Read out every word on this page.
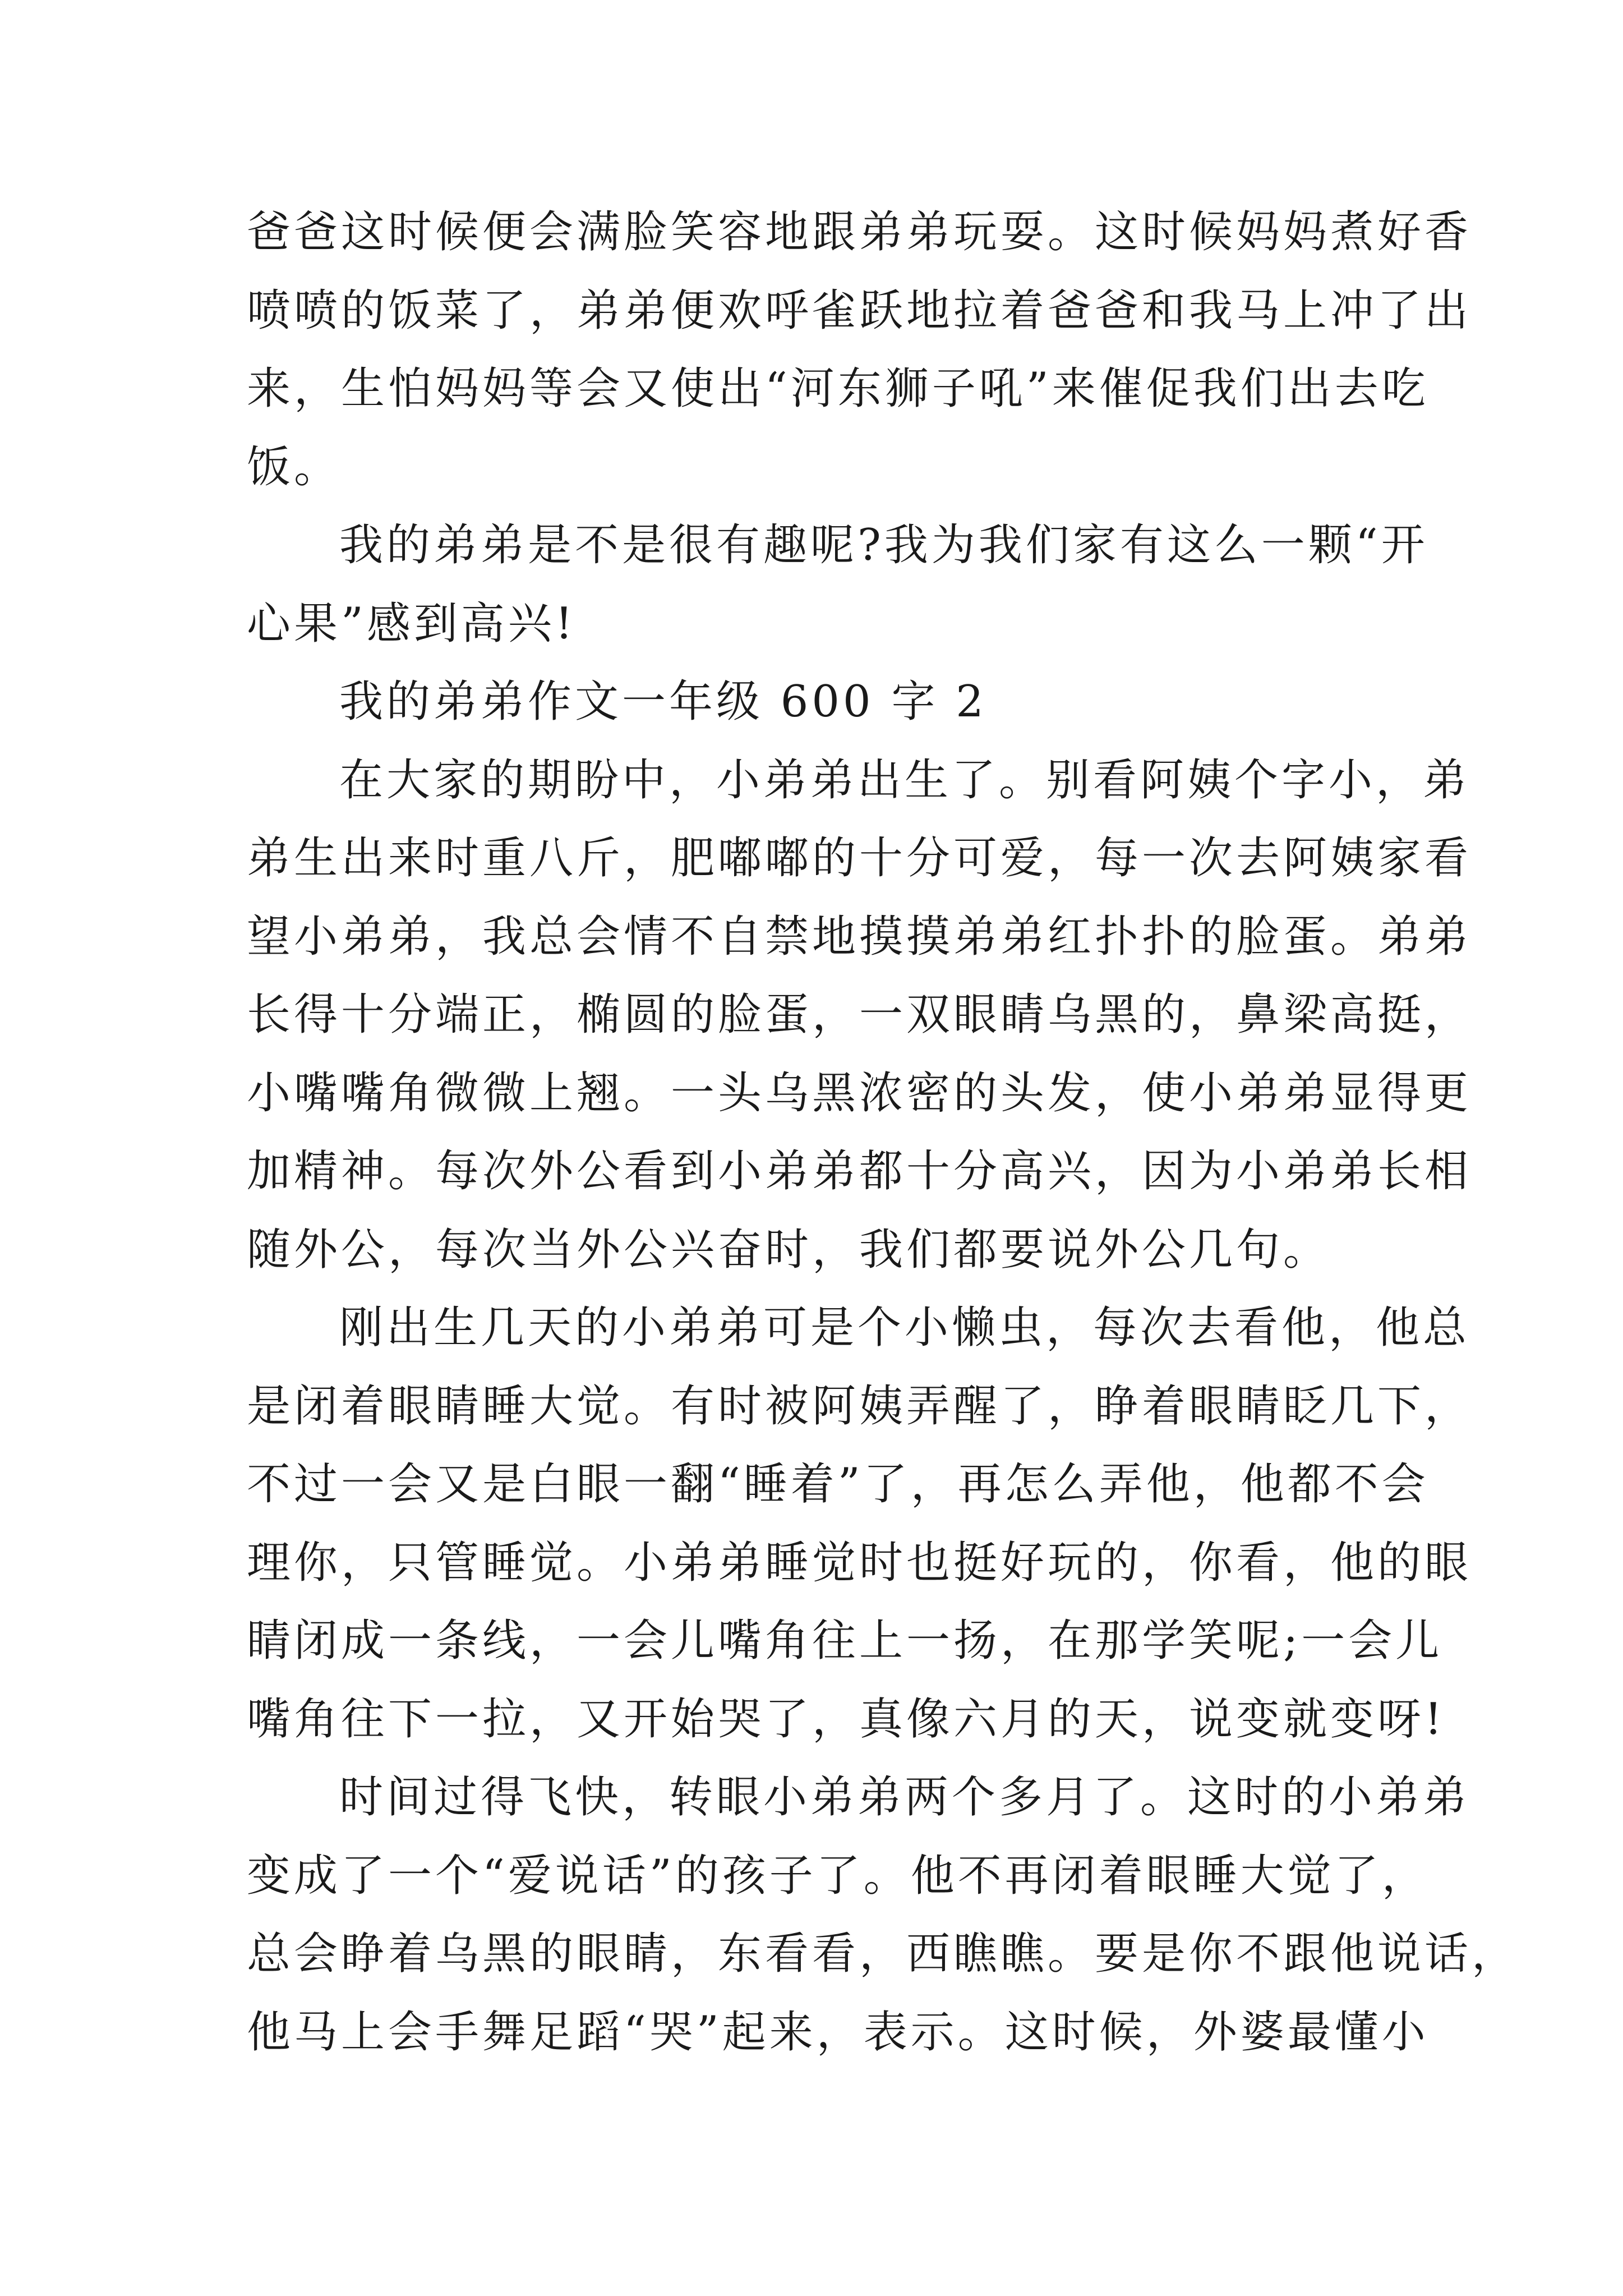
爸爸这时候便会满脸笑容地跟弟弟玩耍。这时候妈妈煮好香
喷喷的饭菜了，弟弟便欢呼雀跃地拉着爸爸和我马上冲了出
来，生怕妈妈等会又使出“河东狮子吼”来催促我们出去吃
饭。
我的弟弟是不是很有趣呢?我为我们家有这么一颗“开
心果”感到高兴!
我的弟弟作文一年级 600 字 2
在大家的期盼中，小弟弟出生了。别看阿姨个字小，弟
弟生出来时重八斤，肥嘟嘟的十分可爱，每一次去阿姨家看
望小弟弟，我总会情不自禁地摸摸弟弟红扑扑的脸蛋。弟弟
长得十分端正，椭圆的脸蛋，一双眼睛乌黑的，鼻梁高挺，
小嘴嘴角微微上翘。一头乌黑浓密的头发，使小弟弟显得更
加精神。每次外公看到小弟弟都十分高兴，因为小弟弟长相
随外公，每次当外公兴奋时，我们都要说外公几句。
刚出生几天的小弟弟可是个小懒虫，每次去看他，他总
是闭着眼睛睡大觉。有时被阿姨弄醒了，睁着眼睛眨几下，
不过一会又是白眼一翻“睡着”了，再怎么弄他，他都不会
理你，只管睡觉。小弟弟睡觉时也挺好玩的，你看，他的眼
睛闭成一条线，一会儿嘴角往上一扬，在那学笑呢;一会儿
嘴角往下一拉，又开始哭了，真像六月的天，说变就变呀!
时间过得飞快，转眼小弟弟两个多月了。这时的小弟弟
变成了一个“爱说话”的孩子了。他不再闭着眼睡大觉了，
总会睁着乌黑的眼睛，东看看，西瞧瞧。要是你不跟他说话，
他马上会手舞足蹈“哭”起来，表示。这时候，外婆最懂小
